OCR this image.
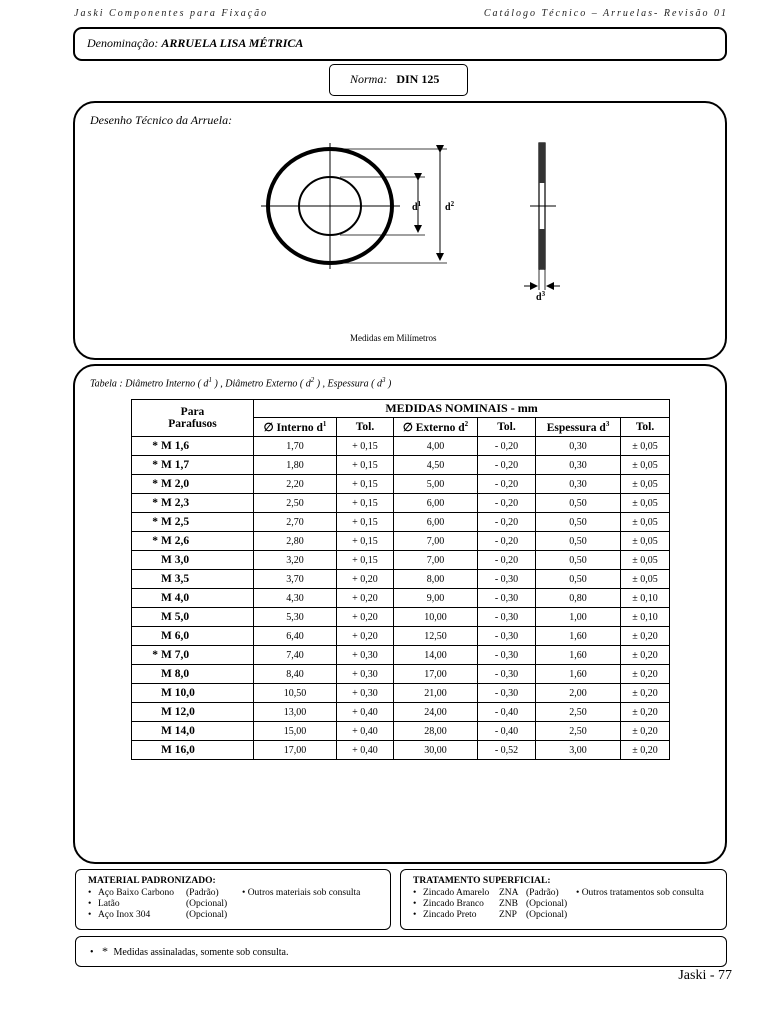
Jaski Componentes para Fixação	Catálogo Técnico – Arruelas- Revisão 01
Denominação: ARRUELA LISA MÉTRICA
Norma: DIN 125
Desenho Técnico da Arruela:
Medidas em Milímetros
$d^1$ $d^2$
$d^3$
Tabela : Diâmetro Interno ( $d^1$ ) , Diâmetro Externo ( $d^2$ ) , Espessura ( $d^3$ )
Para
Parafusos	MEDIDAS NOMINAIS - mm					
	∅ Interno $d^1$	Tol.	∅ Externo $d^2$	Tol.	Espessura $d^3$	Tol.
* M 1,6	1,70	+ 0,15	4,00	- 0,20	0,30	± 0,05
* M 1,7	1,80	+ 0,15	4,50	- 0,20	0,30	± 0,05
* M 2,0	2,20	+ 0,15	5,00	- 0,20	0,30	± 0,05
* M 2,3	2,50	+ 0,15	6,00	- 0,20	0,50	± 0,05
* M 2,5	2,70	+ 0,15	6,00	- 0,20	0,50	± 0,05
* M 2,6	2,80	+ 0,15	7,00	- 0,20	0,50	± 0,05
M 3,0	3,20	+ 0,15	7,00	- 0,20	0,50	± 0,05
M 3,5	3,70	+ 0,20	8,00	- 0,30	0,50	± 0,05
M 4,0	4,30	+ 0,20	9,00	- 0,30	0,80	± 0,10
M 5,0	5,30	+ 0,20	10,00	- 0,30	1,00	± 0,10
M 6,0	6,40	+ 0,20	12,50	- 0,30	1,60	± 0,20
* M 7,0	7,40	+ 0,30	14,00	- 0,30	1,60	± 0,20
M 8,0	8,40	+ 0,30	17,00	- 0,30	1,60	± 0,20
M 10,0	10,50	+ 0,30	21,00	- 0,30	2,00	± 0,20
M 12,0	13,00	+ 0,40	24,00	- 0,40	2,50	± 0,20
M 14,0	15,00	+ 0,40	28,00	- 0,40	2,50	± 0,20
M 16,0	17,00	+ 0,40	30,00	- 0,52	3,00	± 0,20
MATERIAL PADRONIZADO:
• Aço Baixo Carbono (Padrão)
• Latão	(Opcional)
• Aço Inox 304	(Opcional)
• Outros materiais sob consulta
TRATAMENTO SUPERFICIAL:
• Zincado Amarelo ZNA (Padrão)
• Zincado Branco ZNB (Opcional)
• Zincado Preto ZNP (Opcional)
• Outros tratamentos sob consulta
• * Medidas assinaladas, somente sob consulta.
Jaski - 77
